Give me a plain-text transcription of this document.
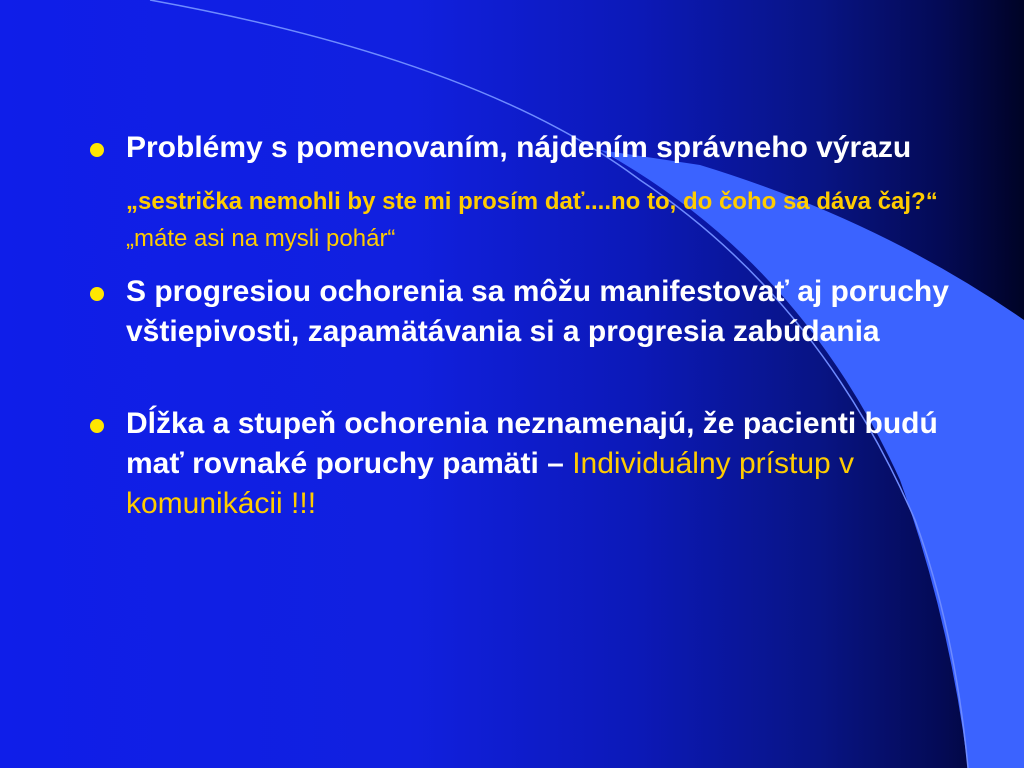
Problémy s pomenovaním, nájdením správneho výrazu
„sestrička nemohli by ste mi prosím dať....no to, do čoho sa dáva čaj?“
„máte asi na mysli pohár“
S progresiou ochorenia sa môžu manifestovať aj poruchy vštiepivosti, zapamätávania si a progresia zabúdania
Dĺžka a stupeň ochorenia neznamenajú, že pacienti budú mať rovnaké poruchy pamäti – Individuálny prístup v komunikácii !!!
